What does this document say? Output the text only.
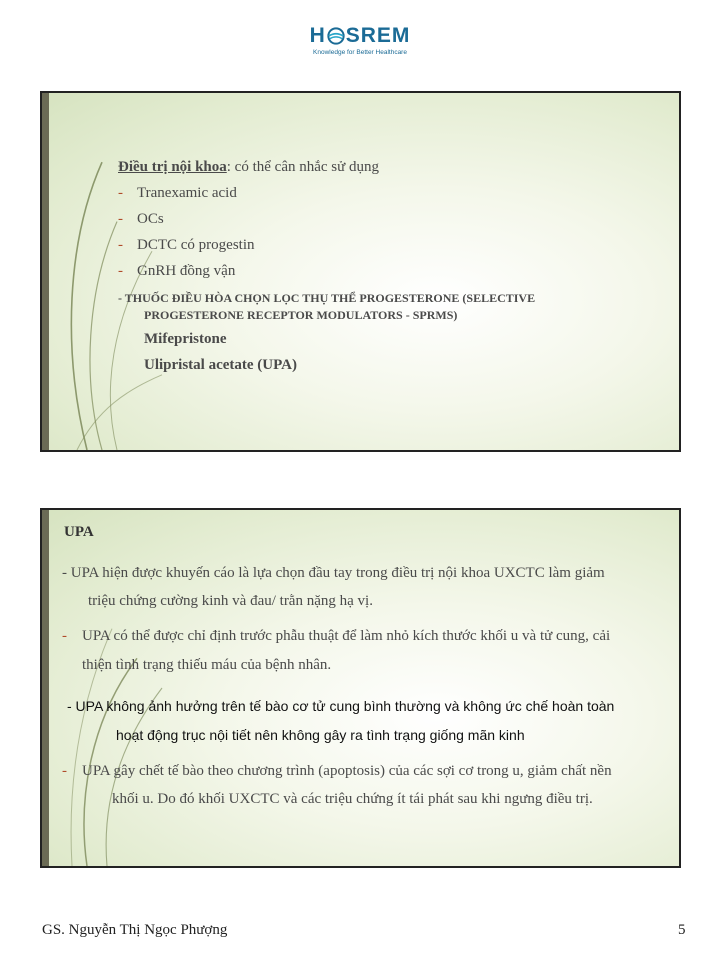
H SREM
Knowledge for Better Healthcare
Điều trị nội khoa: có thể cân nhắc sử dụng
- Tranexamic acid
- OCs
- DCTC có progestin
- GnRH đồng vận
- THUỐC ĐIỀU HÒA CHỌN LỌC THỤ THỂ PROGESTERONE (SELECTIVE
PROGESTERONE RECEPTOR MODULATORS - SPRMS)
Mifepristone
Ulipristal acetate (UPA)
UPA
- UPA hiện được khuyến cáo là lựa chọn đầu tay trong điều trị nội khoa UXCTC làm giảm
triệu chứng cường kinh và đau/ trằn nặng hạ vị.
- UPA có thể được chỉ định trước phẫu thuật để làm nhỏ kích thước khối u và tử cung, cải
thiện tình trạng thiếu máu của bệnh nhân.
- UPA không ảnh hưởng trên tế bào cơ tử cung bình thường và không ức chế hoàn toàn
hoạt động trục nội tiết nên không gây ra tình trạng giống mãn kinh
- UPA gây chết tế bào theo chương trình (apoptosis) của các sợi cơ trong u, giảm chất nền
khối u. Do đó khối UXCTC và các triệu chứng ít tái phát sau khi ngưng điều trị.
GS. Nguyễn Thị Ngọc Phượng	5
